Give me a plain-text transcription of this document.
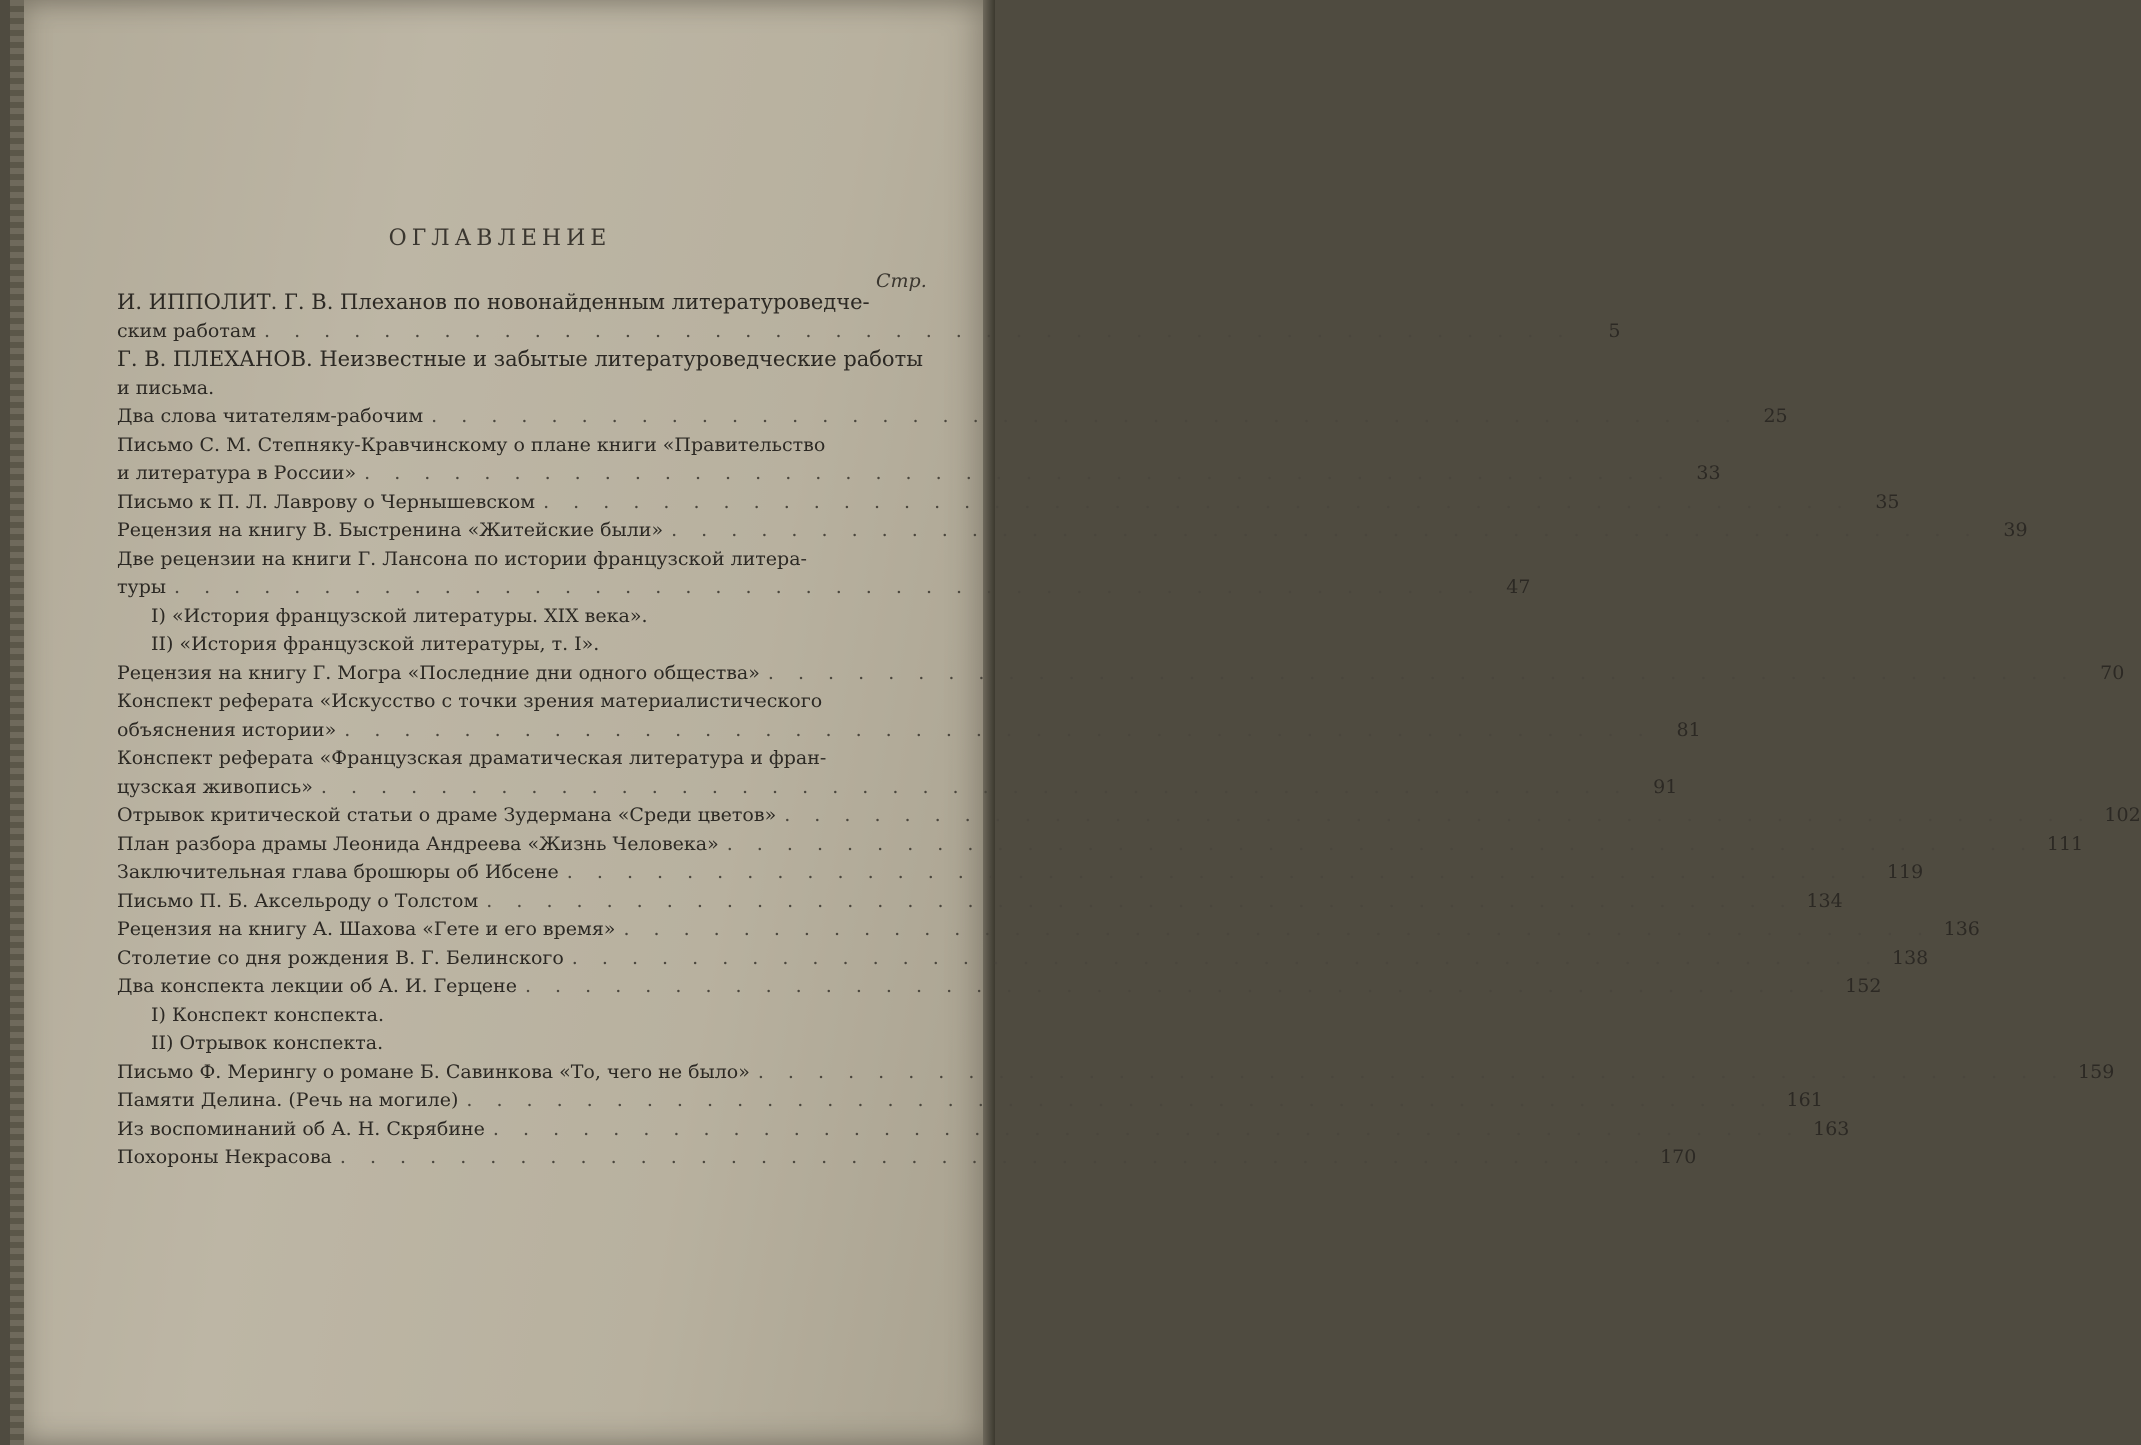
ОГЛАВЛЕНИЕ
Стр.
И. ИППОЛИТ. Г. В. Плеханов по новонайденным литературоведче-
ским работам . . . . . . . . . . . . . . . . . . . . . . . . . . . . . . . . . . . . . . . . . . . .	5
Г. В. ПЛЕХАНОВ. Неизвестные и забытые литературоведческие работы
и письма.
Два слова читателям-рабочим . . . . . . . . . . . . . . . . . . . . . . . . . . . . . . . . . . . . . . . . . . . .	25
Письмо С. М. Степняку-Кравчинскому о плане книги «Правительство
и литература в России» . . . . . . . . . . . . . . . . . . . . . . . . . . . . . . . . . . . . . . . . . . . .	33
Письмо к П. Л. Лаврову о Чернышевском . . . . . . . . . . . . . . . . . . . . . . . . . . . . . . . . . . . . . . . . . . . .	35
Рецензия на книгу В. Быстренина «Житейские были» . . . . . . . . . . . . . . . . . . . . . . . . . . . . . . . . . . . . . . . . . . . .	39
Две рецензии на книги Г. Лансона по истории французской литера-
туры . . . . . . . . . . . . . . . . . . . . . . . . . . . . . . . . . . . . . . . . . . . .	47
I) «История французской литературы. XIX века».
II) «История французской литературы, т. I».
Рецензия на книгу Г. Могра «Последние дни одного общества» . . . . . . . . . . . . . . . . . . . . . . . . . . . . . . . . . . . . . . . . . . . .	70
Конспект реферата «Искусство с точки зрения материалистического
объяснения истории» . . . . . . . . . . . . . . . . . . . . . . . . . . . . . . . . . . . . . . . . . . . .	81
Конспект реферата «Французская драматическая литература и фран-
цузская живопись» . . . . . . . . . . . . . . . . . . . . . . . . . . . . . . . . . . . . . . . . . . . .	91
Отрывок критической статьи о драме Зудермана «Среди цветов» . . . . . . . . . . . . . . . . . . . . . . . . . . . . . . . . . . . . . . . . . . . . 102
План разбора драмы Леонида Андреева «Жизнь Человека» . . . . . . . . . . . . . . . . . . . . . . . . . . . . . . . . . . . . . . . . . . . . 111
Заключительная глава брошюры об Ибсене . . . . . . . . . . . . . . . . . . . . . . . . . . . . . . . . . . . . . . . . . . . . 119
Письмо П. Б. Аксельроду о Толстом . . . . . . . . . . . . . . . . . . . . . . . . . . . . . . . . . . . . . . . . . . . . 134
Рецензия на книгу А. Шахова «Гете и его время» . . . . . . . . . . . . . . . . . . . . . . . . . . . . . . . . . . . . . . . . . . . . 136
Столетие со дня рождения В. Г. Белинского . . . . . . . . . . . . . . . . . . . . . . . . . . . . . . . . . . . . . . . . . . . . 138
Два конспекта лекции об А. И. Герцене . . . . . . . . . . . . . . . . . . . . . . . . . . . . . . . . . . . . . . . . . . . . 152
I) Конспект конспекта.
II) Отрывок конспекта.
Письмо Ф. Мерингу о романе Б. Савинкова «То, чего не было» . . . . . . . . . . . . . . . . . . . . . . . . . . . . . . . . . . . . . . . . . . . . 159
Памяти Делина. (Речь на могиле) . . . . . . . . . . . . . . . . . . . . . . . . . . . . . . . . . . . . . . . . . . . . 161
Из воспоминаний об А. Н. Скрябине . . . . . . . . . . . . . . . . . . . . . . . . . . . . . . . . . . . . . . . . . . . . 163
Похороны Некрасова . . . . . . . . . . . . . . . . . . . . . . . . . . . . . . . . . . . . . . . . . . . . 170
